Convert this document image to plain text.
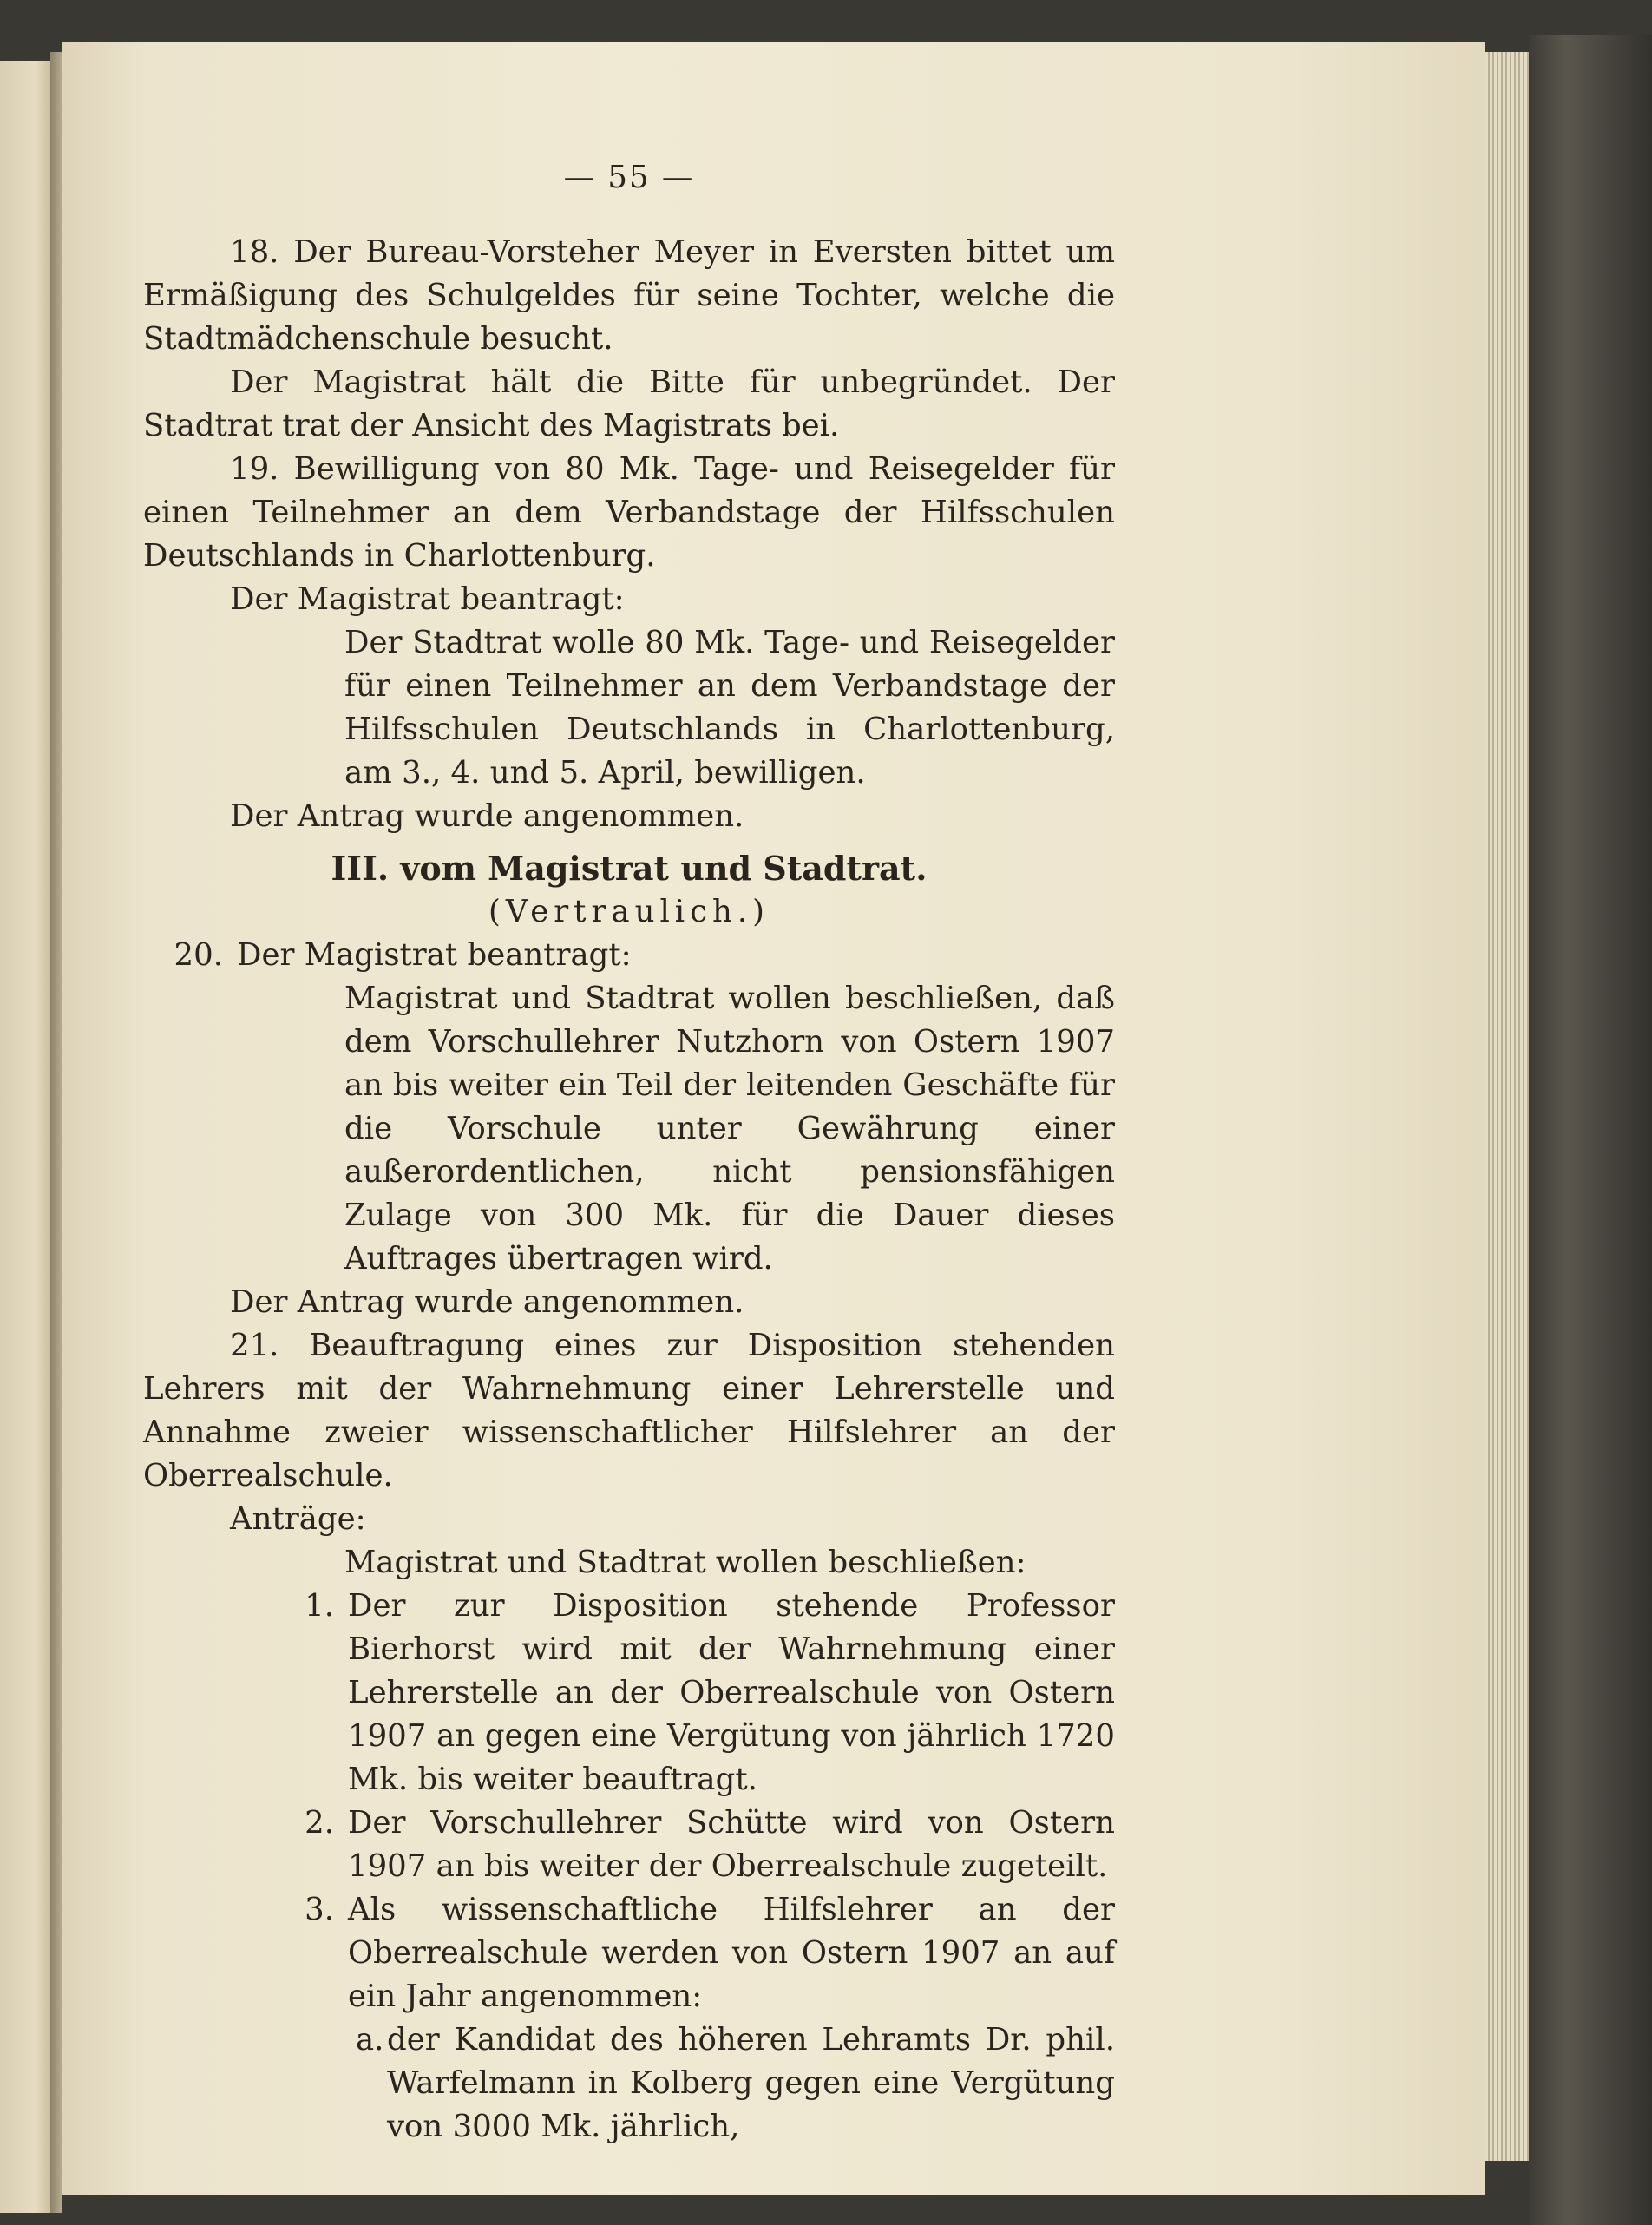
— 55 —

18. Der Bureau-Vorsteher Meyer in Eversten bittet um Ermäßigung des Schulgeldes für seine Tochter, welche die Stadtmädchenschule besucht.

Der Magistrat hält die Bitte für unbegründet. Der Stadtrat trat der Ansicht des Magistrats bei.

19. Bewilligung von 80 Mk. Tage- und Reisegelder für einen Teilnehmer an dem Verbandstage der Hilfsschulen Deutschlands in Charlottenburg.

Der Magistrat beantragt:

Der Stadtrat wolle 80 Mk. Tage- und Reisegelder für einen Teilnehmer an dem Verbandstage der Hilfsschulen Deutschlands in Charlottenburg, am 3., 4. und 5. April, bewilligen.

Der Antrag wurde angenommen.

III. vom Magistrat und Stadtrat.
(Vertraulich.)
20. Der Magistrat beantragt:

Magistrat und Stadtrat wollen beschließen, daß dem Vorschullehrer Nutzhorn von Ostern 1907 an bis weiter ein Teil der leitenden Geschäfte für die Vorschule unter Gewährung einer außerordentlichen, nicht pensionsfähigen Zulage von 300 Mk. für die Dauer dieses Auftrages übertragen wird.

Der Antrag wurde angenommen.

21. Beauftragung eines zur Disposition stehenden Lehrers mit der Wahrnehmung einer Lehrerstelle und Annahme zweier wissenschaftlicher Hilfslehrer an der Oberrealschule.

Anträge:

Magistrat und Stadtrat wollen beschließen:

1. Der zur Disposition stehende Professor Bierhorst wird mit der Wahrnehmung einer Lehrerstelle an der Oberrealschule von Ostern 1907 an gegen eine Vergütung von jährlich 1720 Mk. bis weiter beauftragt.
2. Der Vorschullehrer Schütte wird von Ostern 1907 an bis weiter der Oberrealschule zugeteilt.
3. Als wissenschaftliche Hilfslehrer an der Oberrealschule werden von Ostern 1907 an auf ein Jahr angenommen:
a. der Kandidat des höheren Lehramts Dr. phil. Warfelmann in Kolberg gegen eine Vergütung von 3000 Mk. jährlich,
